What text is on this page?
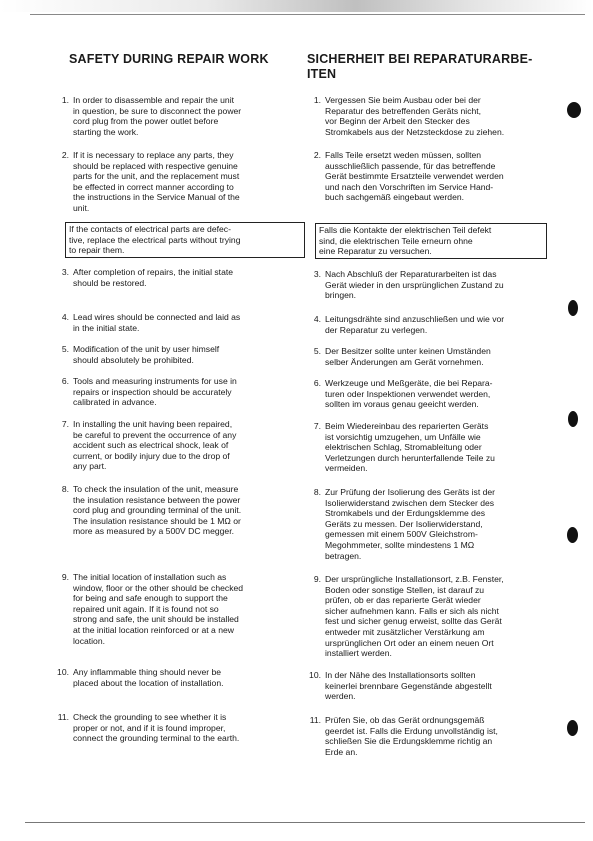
SAFETY DURING REPAIR WORK
1. In order to disassemble and repair the unit
in question, be sure to disconnect the power
cord plug from the power outlet before
starting the work.
2. If it is necessary to replace any parts, they
should be replaced with respective genuine
parts for the unit, and the replacement must
be effected in correct manner according to
the instructions in the Service Manual of the
unit.
If the contacts of electrical parts are defec-
tive, replace the electrical parts without trying
to repair them.
3. After completion of repairs, the initial state
should be restored.
4. Lead wires should be connected and laid as
in the initial state.
5. Modification of the unit by user himself
should absolutely be prohibited.
6. Tools and measuring instruments for use in
repairs or inspection should be accurately
calibrated in advance.
7. In installing the unit having been repaired,
be careful to prevent the occurrence of any
accident such as electrical shock, leak of
current, or bodily injury due to the drop of
any part.
8. To check the insulation of the unit, measure
the insulation resistance between the power
cord plug and grounding terminal of the unit.
The insulation resistance should be 1 MΩ or
more as measured by a 500V DC megger.
9. The initial location of installation such as
window, floor or the other should be checked
for being and safe enough to support the
repaired unit again. If it is found not so
strong and safe, the unit should be installed
at the initial location reinforced or at a new
location.
10. Any inflammable thing should never be
placed about the location of installation.
11. Check the grounding to see whether it is
proper or not, and if it is found improper,
connect the grounding terminal to the earth.
SICHERHEIT BEI REPARATURARBE-
ITEN
1. Vergessen Sie beim Ausbau oder bei der
Reparatur des betreffenden Geräts nicht,
vor Beginn der Arbeit den Stecker des
Stromkabels aus der Netzsteckdose zu ziehen.
2. Falls Teile ersetzt weden müssen, sollten
ausschließlich passende, für das betreffende
Gerät bestimmte Ersatzteile verwendet werden
und nach den Vorschriften im Service Hand-
buch sachgemäß eingebaut werden.
Falls die Kontakte der elektrischen Teil defekt
sind, die elektrischen Teile erneurn ohne
eine Reparatur zu versuchen.
3. Nach Abschluß der Reparaturarbeiten ist das
Gerät wieder in den ursprünglichen Zustand zu
bringen.
4. Leitungsdrähte sind anzuschließen und wie vor
der Reparatur zu verlegen.
5. Der Besitzer sollte unter keinen Umständen
selber Änderungen am Gerät vornehmen.
6. Werkzeuge und Meßgeräte, die bei Repara-
turen oder Inspektionen verwendet werden,
sollten im voraus genau geeicht werden.
7. Beim Wiedereinbau des reparierten Geräts
ist vorsichtig umzugehen, um Unfälle wie
elektrischen Schlag, Stromableitung oder
Verletzungen durch herunterfallende Teile zu
vermeiden.
8. Zur Prüfung der Isolierung des Geräts ist der
Isolierwiderstand zwischen dem Stecker des
Stromkabels und der Erdungsklemme des
Geräts zu messen. Der Isolierwiderstand,
gemessen mit einem 500V Gleichstrom-
Megohmmeter, sollte mindestens 1 MΩ
betragen.
9. Der ursprüngliche Installationsort, z.B. Fenster,
Boden oder sonstige Stellen, ist darauf zu
prüfen, ob er das reparierte Gerät wieder
sicher aufnehmen kann. Falls er sich als nicht
fest und sicher genug erweist, sollte das Gerät
entweder mit zusätzlicher Verstärkung am
ursprünglichen Ort oder an einem neuen Ort
installiert werden.
10. In der Nähe des Installationsorts sollten
keinerlei brennbare Gegenstände abgestellt
werden.
11. Prüfen Sie, ob das Gerät ordnungsgemäß
geerdet ist. Falls die Erdung unvollständig ist,
schließen Sie die Erdungsklemme richtig an
Erde an.
